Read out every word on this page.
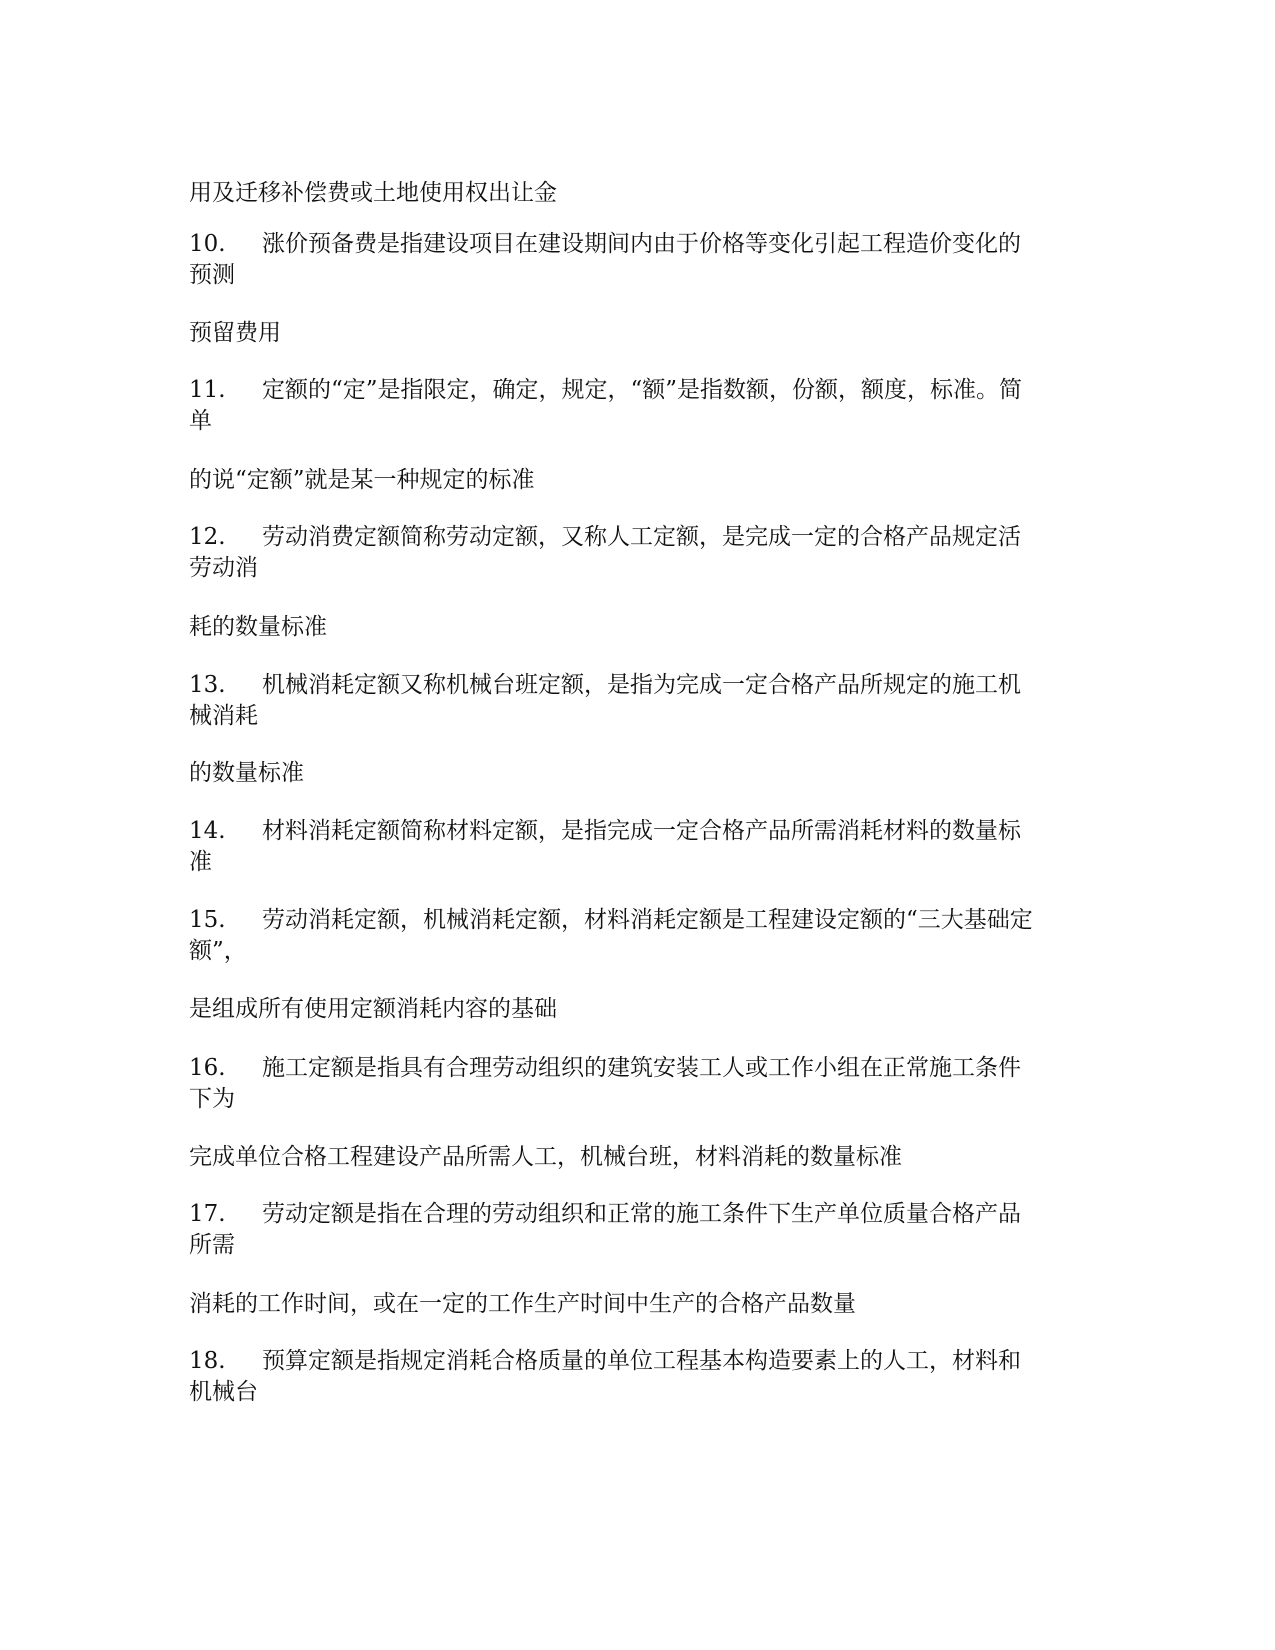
用及迁移补偿费或土地使用权出让金
10. 涨价预备费是指建设项目在建设期间内由于价格等变化引起工程造价变化的
预测
预留费用
11. 定额的“定”是指限定，确定，规定，“额”是指数额，份额，额度，标准。简
单
的说“定额”就是某一种规定的标准
12. 劳动消费定额简称劳动定额，又称人工定额，是完成一定的合格产品规定活
劳动消
耗的数量标准
13. 机械消耗定额又称机械台班定额，是指为完成一定合格产品所规定的施工机
械消耗
的数量标准
14. 材料消耗定额简称材料定额，是指完成一定合格产品所需消耗材料的数量标
准
15. 劳动消耗定额，机械消耗定额，材料消耗定额是工程建设定额的“三大基础定
额”，
是组成所有使用定额消耗内容的基础
16. 施工定额是指具有合理劳动组织的建筑安装工人或工作小组在正常施工条件
下为
完成单位合格工程建设产品所需人工，机械台班，材料消耗的数量标准
17. 劳动定额是指在合理的劳动组织和正常的施工条件下生产单位质量合格产品
所需
消耗的工作时间，或在一定的工作生产时间中生产的合格产品数量
18. 预算定额是指规定消耗合格质量的单位工程基本构造要素上的人工，材料和
机械台
